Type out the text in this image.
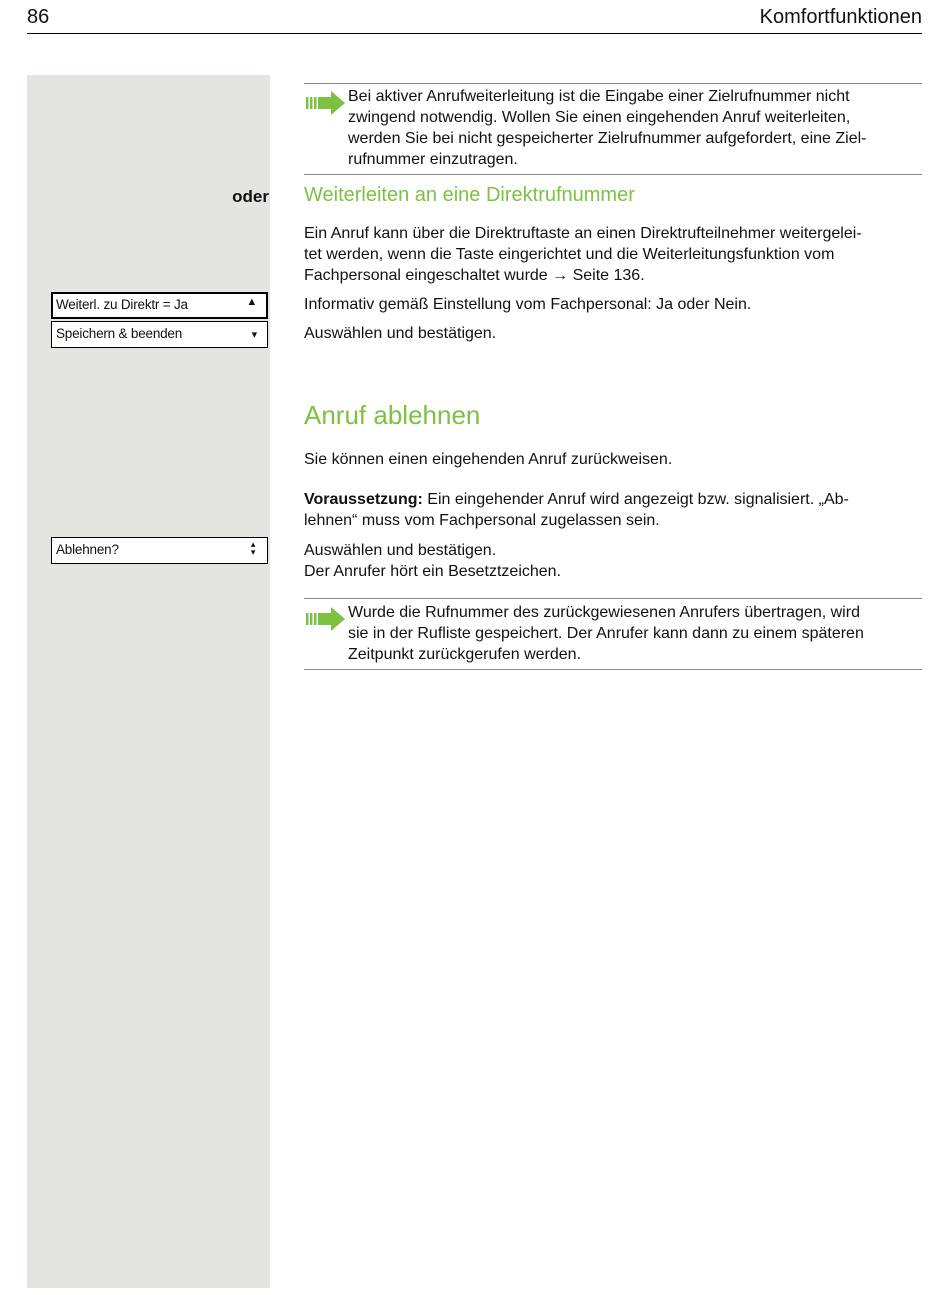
86	Komfortfunktionen
Bei aktiver Anrufweiterleitung ist die Eingabe einer Zielrufnummer nicht
zwingend notwendig. Wollen Sie einen eingehenden Anruf weiterleiten,
werden Sie bei nicht gespeicherter Zielrufnummer aufgefordert, eine Ziel-
rufnummer einzutragen.
oder Weiterleiten an eine Direktrufnummer
Ein Anruf kann über die Direktruftaste an einen Direktrufteilnehmer weitergelei-
tet werden, wenn die Taste eingerichtet und die Weiterleitungsfunktion vom
Fachpersonal eingeschaltet wurde → Seite 136.
Weiterl. zu Direktr = Ja	▲	Informativ gemäß Einstellung vom Fachpersonal: Ja oder Nein.
Speichern & beenden	▾	Auswählen und bestätigen.
Anruf ablehnen
Sie können einen eingehenden Anruf zurückweisen.
Voraussetzung: Ein eingehender Anruf wird angezeigt bzw. signalisiert. „Ab-
lehnen“ muss vom Fachpersonal zugelassen sein.
Ablehnen?	▴▾	Auswählen und bestätigen.
Der Anrufer hört ein Besetztzeichen.
Wurde die Rufnummer des zurückgewiesenen Anrufers übertragen, wird
sie in der Rufliste gespeichert. Der Anrufer kann dann zu einem späteren
Zeitpunkt zurückgerufen werden.
